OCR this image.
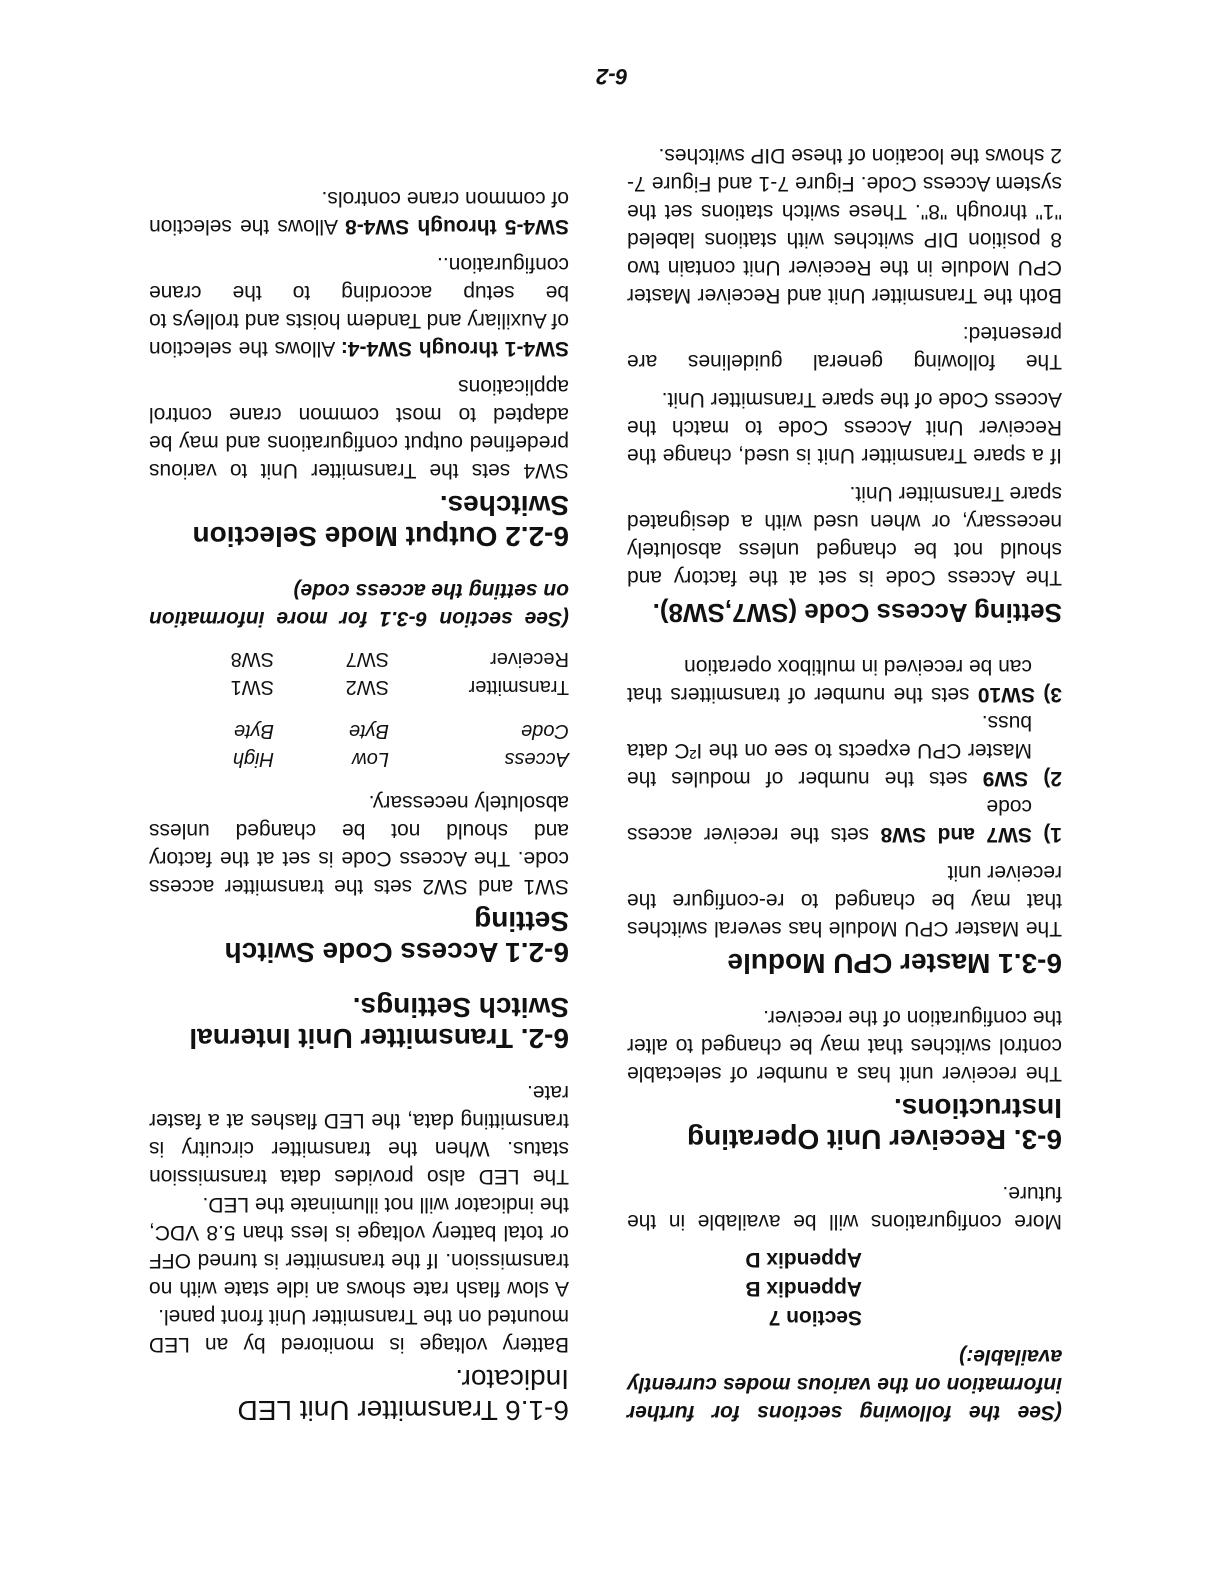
(See the following sections for further information on the various modes currently available:)

Section 7
Appendix B
Appendix D

More configurations will be available in the future.

6-3. Receiver Unit Operating Instructions.

The receiver unit has a number of selectable control switches that may be changed to alter the configuration of the receiver.

6-3.1 Master CPU Module

The Master CPU Module has several switches that may be changed to re-configure the receiver unit

1) SW7 and SW8 sets the receiver access code

2) SW9 sets the number of modules the Master CPU expects to see on the I²C data buss.

3) SW10 sets the number of transmitters that can be received in multibox operation

Setting Access Code (SW7,SW8).

The Access Code is set at the factory and should not be changed unless absolutely necessary, or when used with a designated spare Transmitter Unit.

If a spare Transmitter Unit is used, change the Receiver Unit Access Code to match the Access Code of the spare Transmitter Unit.

The following general guidelines are presented:

Both the Transmitter Unit and Receiver Master CPU Module in the Receiver Unit contain two 8 position DIP switches with stations labeled "1" through "8". These switch stations set the system Access Code. Figure 7-1 and Figure 7-2 shows the location of these DIP switches.

6-1.6 Transmitter Unit LED Indicator.

Battery voltage is monitored by an LED mounted on the Transmitter Unit front panel.

A slow flash rate shows an idle state with no transmission. If the transmitter is turned OFF or total battery voltage is less than 5.8 VDC, the indicator will not illuminate the LED.

The LED also provides data transmission status. When the transmitter circuitry is transmitting data, the LED flashes at a faster rate.

6-2. Transmitter Unit Internal Switch Settings.
6-2.1 Access Code Switch Setting

SW1 and SW2 sets the transmitter access code. The Access Code is set at the factory and should not be changed unless absolutely necessary.

Access	Low	High
Code	Byte	Byte

Transmitter	SW2	SW1
Receiver	SW7	SW8

(See section 6-3.1 for more information on setting the access code)

6-2.2 Output Mode Selection Switches.

SW4 sets the Transmitter Unit to various predefined output configurations and may be adapted to most common crane control applications

SW4-1 through SW4-4: Allows the selection of Auxiliary and Tandem hoists and trolleys to be setup according to the crane configuration..

SW4-5 through SW4-8 Allows the selection of common crane controls.

6-2
